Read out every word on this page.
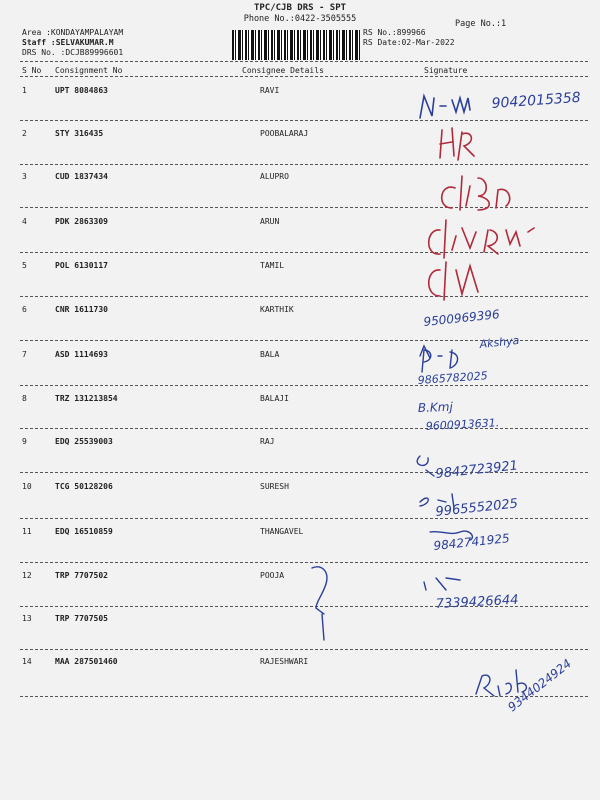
TPC/CJB DRS - SPT
Phone No.:0422-3505555	Page No.:1
Area :KONDAYAMPALAYAM
Staff :SELVAKUMAR.M
DRS No. :DCJB89996601
RS No.:899966
RS Date:02-Mar-2022
S No Consignment No	Consignee Details	Signature
1	UPT 8084863	RAVI
2	STY 316435	POOBALARAJ
3	CUD 1837434	ALUPRO
4	PDK 2863309	ARUN
5	POL 6130117	TAMIL
6	CNR 1611730	KARTHIK
7	ASD 1114693	BALA
8	TRZ 131213854	BALAJI
9	EDQ 25539003	RAJ
10	TCG 50128206	SURESH
11	EDQ 16510859	THANGAVEL
12	TRP 7707502	POOJA
13	TRP 7707505
14	MAA 287501460	RAJESHWARI
9042015358
9500969396
Akshya
9865782025
9600913631.
B.Kmj
9842723921
9965552025
9842741925
7339426644
9344024924
